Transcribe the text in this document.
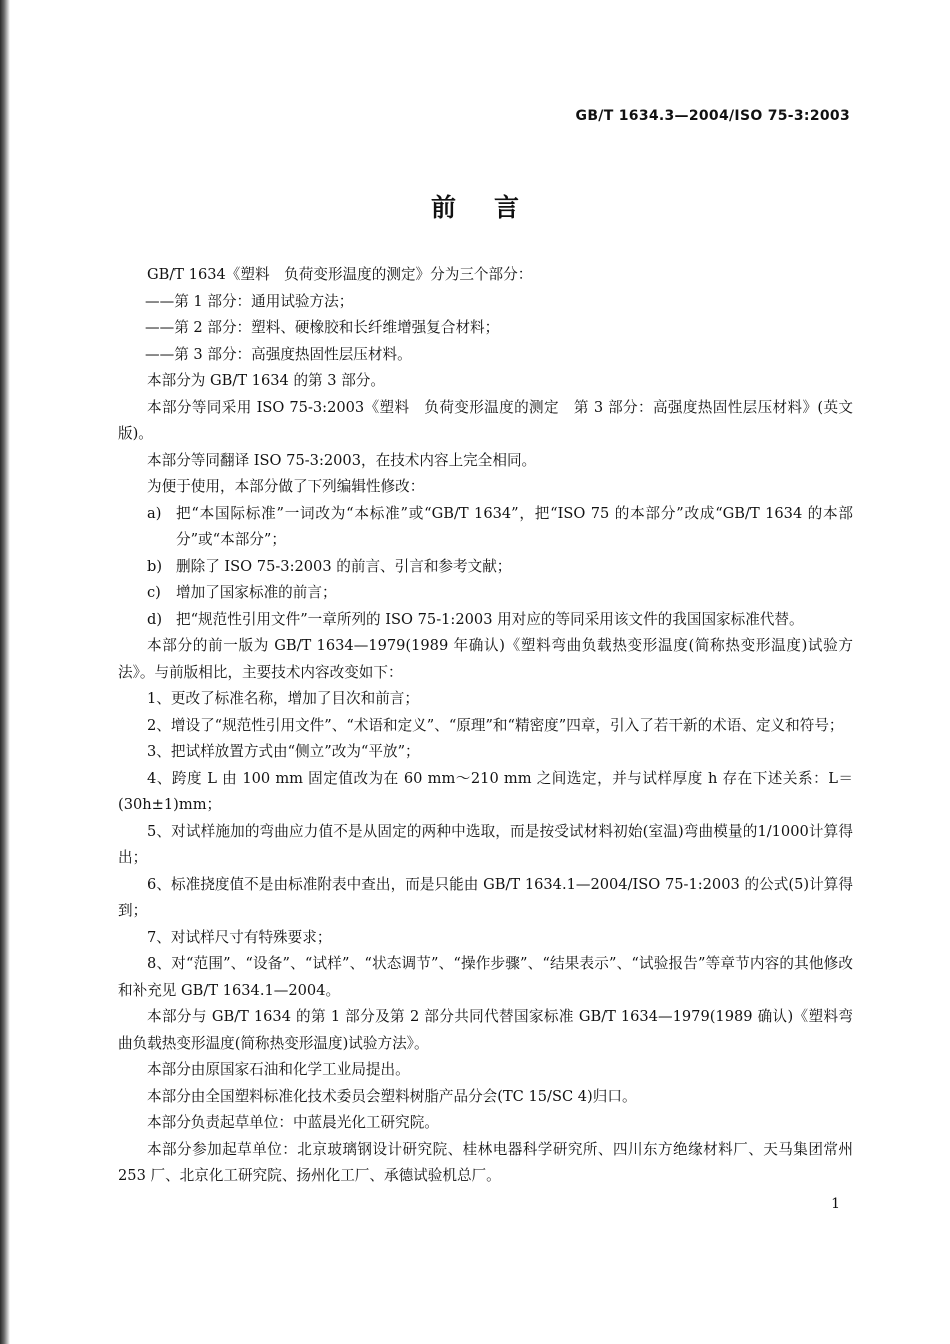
GB/T 1634.3—2004/ISO 75-3:2003
前言

GB/T 1634《塑料　负荷变形温度的测定》分为三个部分：

——第 1 部分：通用试验方法；

——第 2 部分：塑料、硬橡胶和长纤维增强复合材料；

——第 3 部分：高强度热固性层压材料。

本部分为 GB/T 1634 的第 3 部分。

本部分等同采用 ISO 75-3:2003《塑料　负荷变形温度的测定　第 3 部分：高强度热固性层压材料》(英文版)。

本部分等同翻译 ISO 75-3:2003，在技术内容上完全相同。

为便于使用，本部分做了下列编辑性修改：

a) 把“本国际标准”一词改为“本标准”或“GB/T 1634”，把“ISO 75 的本部分”改成“GB/T 1634 的本部分”或“本部分”；
b) 删除了 ISO 75-3:2003 的前言、引言和参考文献；
c)	增加了国家标准的前言；
d) 把“规范性引用文件”一章所列的 ISO 75-1:2003 用对应的等同采用该文件的我国国家标准代替。

本部分的前一版为 GB/T 1634—1979(1989 年确认)《塑料弯曲负载热变形温度(简称热变形温度)试验方法》。与前版相比，主要技术内容改变如下：

1、更改了标准名称，增加了目次和前言；

2、增设了“规范性引用文件”、“术语和定义”、“原理”和“精密度”四章，引入了若干新的术语、定义和符号；

3、把试样放置方式由“侧立”改为“平放”；

4、跨度 L 由 100 mm 固定值改为在 60 mm～210 mm 之间选定，并与试样厚度 h 存在下述关系：L＝(30h±1)mm；

5、对试样施加的弯曲应力值不是从固定的两种中选取，而是按受试材料初始(室温)弯曲模量的1/1000计算得出；

6、标准挠度值不是由标准附表中查出，而是只能由 GB/T 1634.1—2004/ISO 75-1:2003 的公式(5)计算得到；

7、对试样尺寸有特殊要求；

8、对“范围”、“设备”、“试样”、“状态调节”、“操作步骤”、“结果表示”、“试验报告”等章节内容的其他修改和补充见 GB/T 1634.1—2004。

本部分与 GB/T 1634 的第 1 部分及第 2 部分共同代替国家标准 GB/T 1634—1979(1989 确认)《塑料弯曲负载热变形温度(简称热变形温度)试验方法》。

本部分由原国家石油和化学工业局提出。

本部分由全国塑料标准化技术委员会塑料树脂产品分会(TC 15/SC 4)归口。

本部分负责起草单位：中蓝晨光化工研究院。

本部分参加起草单位：北京玻璃钢设计研究院、桂林电器科学研究所、四川东方绝缘材料厂、天马集团常州 253 厂、北京化工研究院、扬州化工厂、承德试验机总厂。

1
